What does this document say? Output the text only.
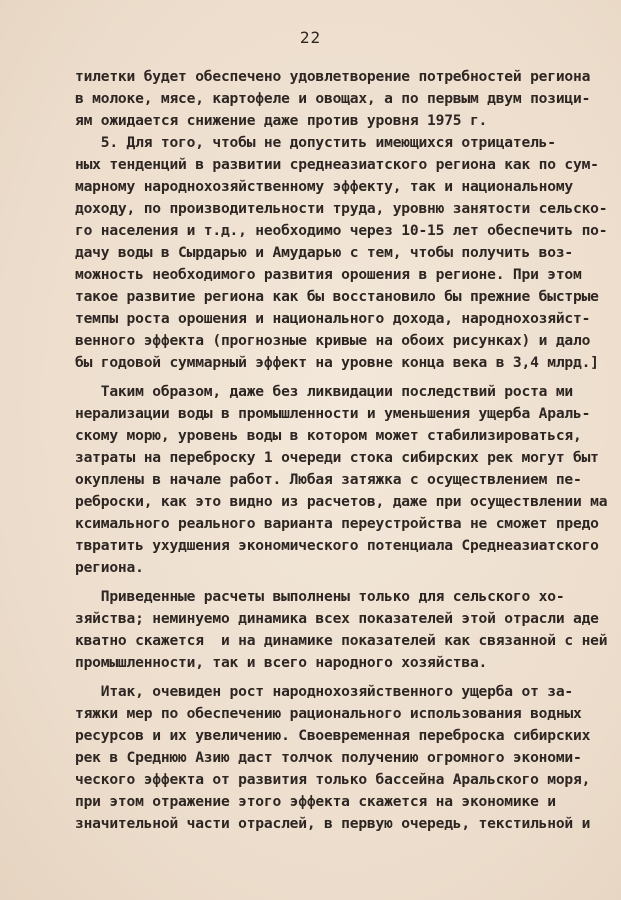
22
тилетки будет обеспечено удовлетворение потребностей региона
в молоке, мясе, картофеле и овощах, а по первым двум позици-
ям ожидается снижение даже против уровня 1975 г.
5. Для того, чтобы не допустить имеющихся отрицатель-
ных тенденций в развитии среднеазиатского региона как по сум-
марному народнохозяйственному эффекту, так и национальному
доходу, по производительности труда, уровню занятости сельско-
го населения и т.д., необходимо через 10-15 лет обеспечить по-
дачу воды в Сырдарью и Амударью с тем, чтобы получить воз-
можность необходимого развития орошения в регионе. При этом
такое развитие региона как бы восстановило бы прежние быстрые
темпы роста орошения и национального дохода, народнохозяйст-
венного эффекта (прогнозные кривые на обоих рисунках) и дало
бы годовой суммарный эффект на уровне конца века в 3,4 млрд.]
Таким образом, даже без ликвидации последствий роста ми
нерализации воды в промышленности и уменьшения ущерба Араль-
скому морю, уровень воды в котором может стабилизироваться,
затраты на переброску 1 очереди стока сибирских рек могут быт
окуплены в начале работ. Любая затяжка с осуществлением пе-
реброски, как это видно из расчетов, даже при осуществлении ма
ксимального реального варианта переустройства не сможет предо
твратить ухудшения экономического потенциала Среднеазиатского
региона.
Приведенные расчеты выполнены только для сельского хо-
зяйства; неминуемо динамика всех показателей этой отрасли аде
кватно скажется  и на динамике показателей как связанной с ней
промышленности, так и всего народного хозяйства.
Итак, очевиден рост народнохозяйственного ущерба от за-
тяжки мер по обеспечению рационального использования водных
ресурсов и их увеличению. Своевременная переброска сибирских
рек в Среднюю Азию даст толчок получению огромного экономи-
ческого эффекта от развития только бассейна Аральского моря,
при этом отражение этого эффекта скажется на экономике и
значительной части отраслей, в первую очередь, текстильной и
